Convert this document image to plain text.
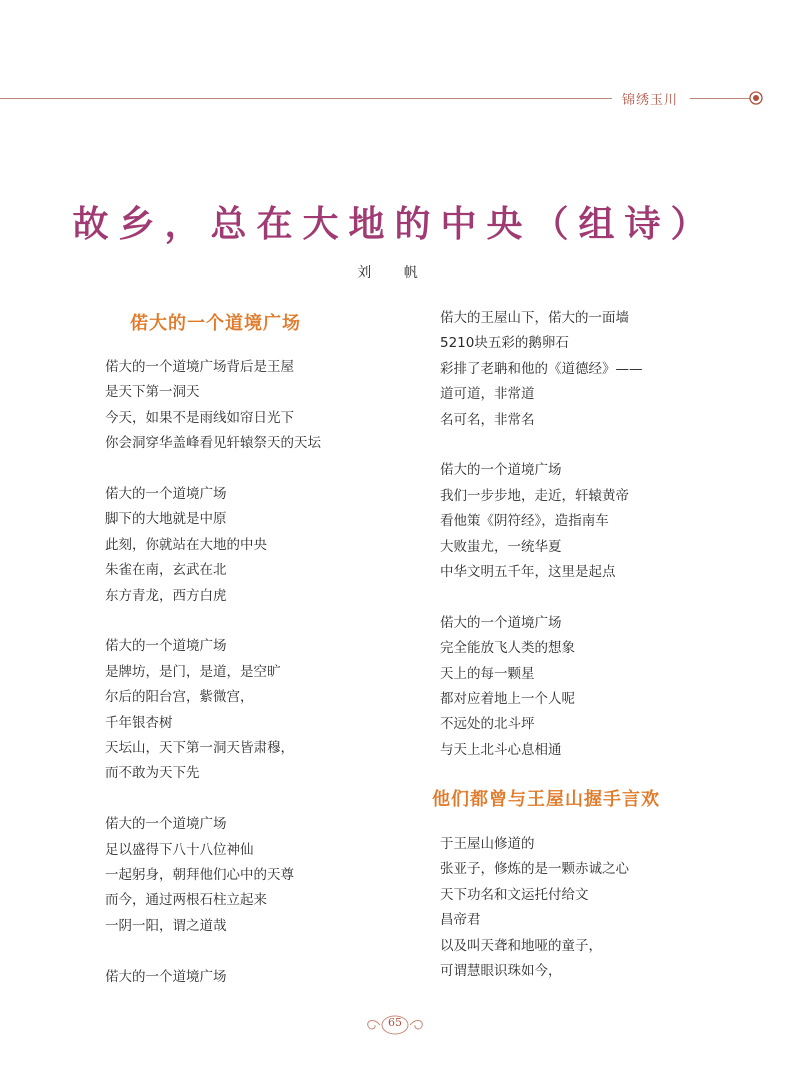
锦绣玉川
故乡，总在大地的中央（组诗）
刘 帆
偌大的一个道境广场
偌大的一个道境广场背后是王屋
是天下第一洞天
今天，如果不是雨线如帘日光下
你会洞穿华盖峰看见轩辕祭天的天坛
偌大的一个道境广场
脚下的大地就是中原
此刻，你就站在大地的中央
朱雀在南，玄武在北
东方青龙，西方白虎
偌大的一个道境广场
是牌坊，是门，是道，是空旷
尔后的阳台宫，紫微宫，
千年银杏树
天坛山，天下第一洞天皆肃穆，
而不敢为天下先
偌大的一个道境广场
足以盛得下八十八位神仙
一起躬身，朝拜他们心中的天尊
而今，通过两根石柱立起来
一阴一阳，谓之道哉
偌大的一个道境广场
偌大的王屋山下，偌大的一面墙
5210块五彩的鹅卵石
彩排了老聃和他的《道德经》——
道可道，非常道
名可名，非常名
偌大的一个道境广场
我们一步步地，走近，轩辕黄帝
看他策《阴符经》，造指南车
大败蚩尤，一统华夏
中华文明五千年，这里是起点
偌大的一个道境广场
完全能放飞人类的想象
天上的每一颗星
都对应着地上一个人呢
不远处的北斗坪
与天上北斗心息相通
他们都曾与王屋山握手言欢
于王屋山修道的
张亚子，修炼的是一颗赤诚之心
天下功名和文运托付给文
昌帝君
以及叫天聋和地哑的童子，
可谓慧眼识珠如今，
65
